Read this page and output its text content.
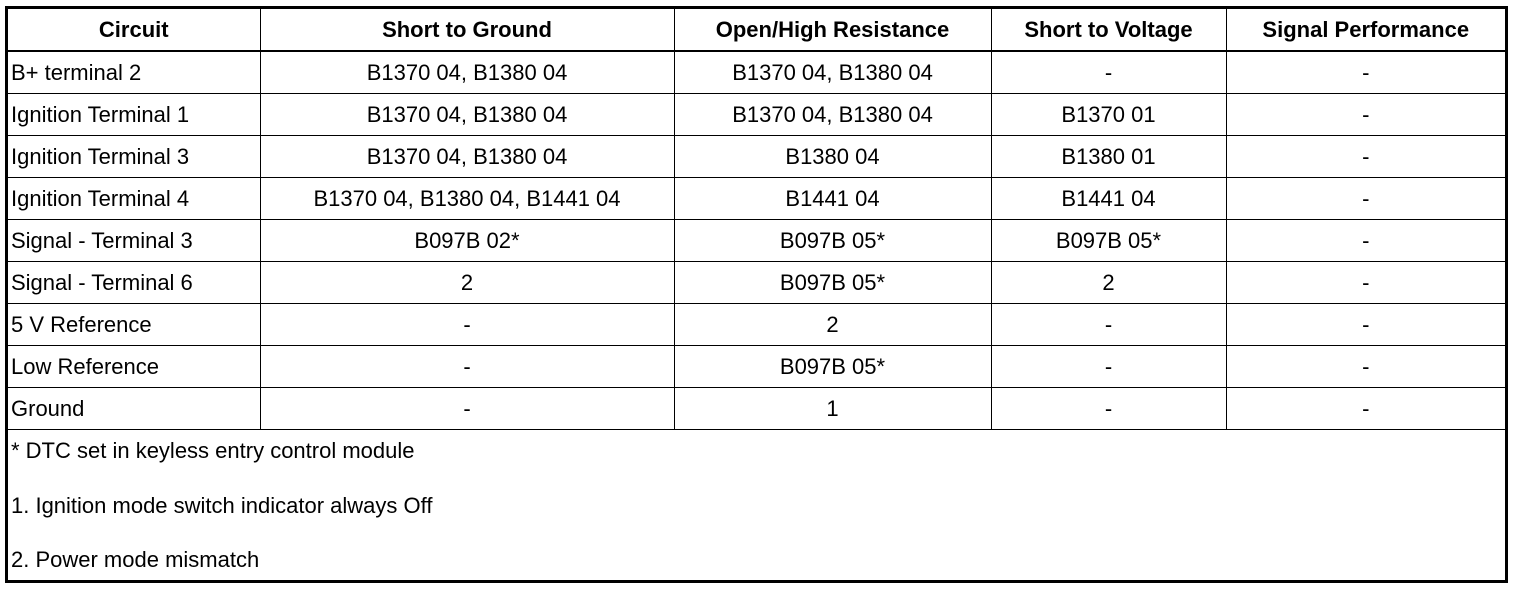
Circuit	Short to Ground	Open/High Resistance	Short to Voltage	Signal Performance
B+ terminal 2	B1370 04, B1380 04	B1370 04, B1380 04	-	-
Ignition Terminal 1	B1370 04, B1380 04	B1370 04, B1380 04	B1370 01	-
Ignition Terminal 3	B1370 04, B1380 04	B1380 04	B1380 01	-
Ignition Terminal 4	B1370 04, B1380 04, B1441 04	B1441 04	B1441 04	-
Signal - Terminal 3	B097B 02*	B097B 05*	B097B 05*	-
Signal - Terminal 6	2	B097B 05*	2	-
5 V Reference	-	2	-	-
Low Reference	-	B097B 05*	-	-
Ground	-	1	-	-
* DTC set in keyless entry control module
1. Ignition mode switch indicator always Off
2. Power mode mismatch
